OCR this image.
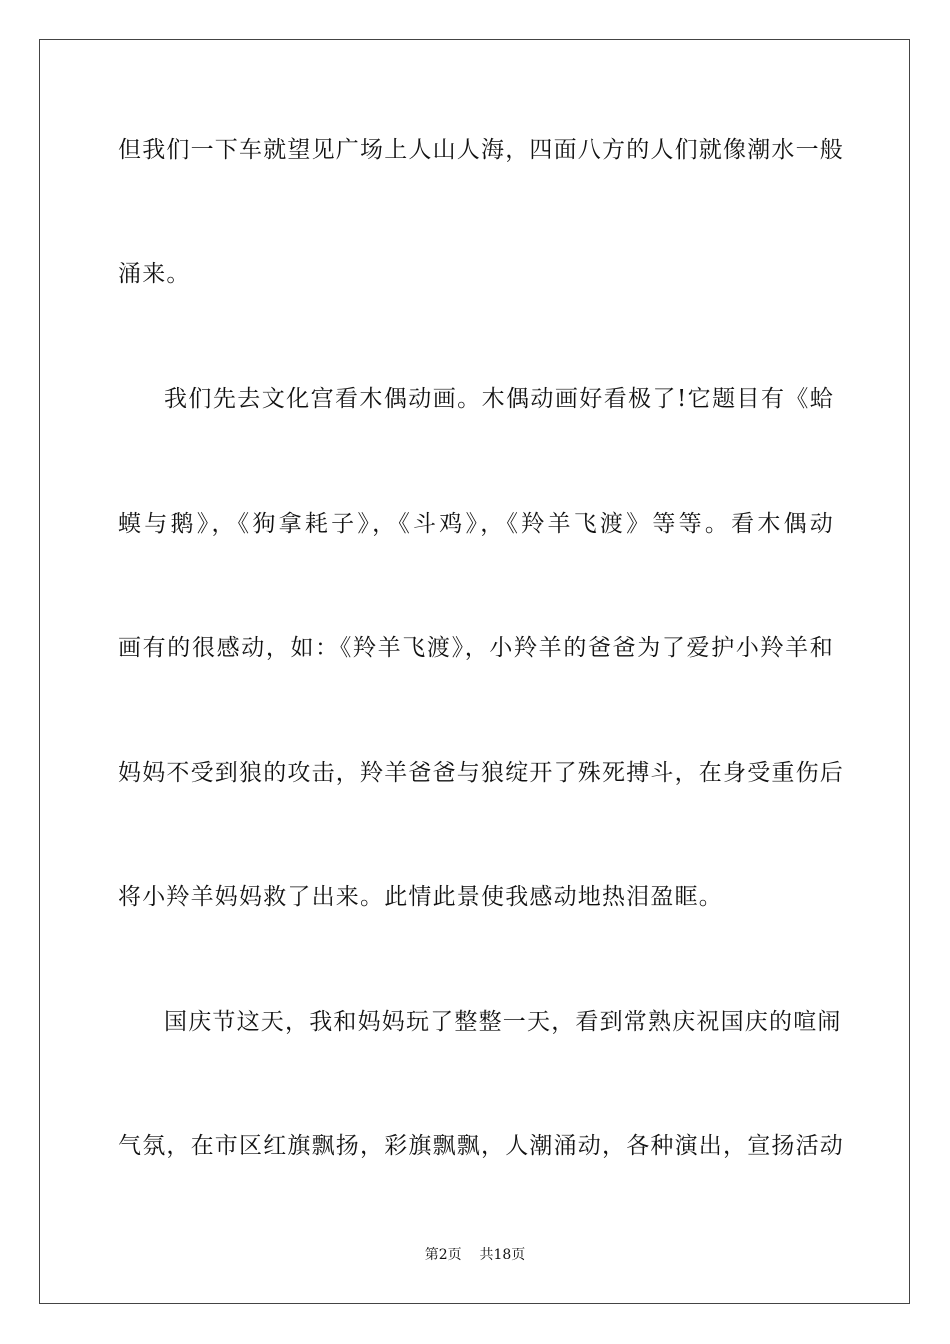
但我们一下车就望见广场上人山人海，四面八方的人们就像潮水一般
涌来。
我们先去文化宫看木偶动画。木偶动画好看极了!它题目有《蛤
蟆与鹅》，《狗拿耗子》，《斗鸡》，《羚羊飞渡》等等。看木偶动
画有的很感动，如：《羚羊飞渡》，小羚羊的爸爸为了爱护小羚羊和
妈妈不受到狼的攻击，羚羊爸爸与狼绽开了殊死搏斗，在身受重伤后
将小羚羊妈妈救了出来。此情此景使我感动地热泪盈眶。
国庆节这天，我和妈妈玩了整整一天，看到常熟庆祝国庆的喧闹
气氛，在市区红旗飘扬，彩旗飘飘，人潮涌动，各种演出，宣扬活动
第2页 共18页
